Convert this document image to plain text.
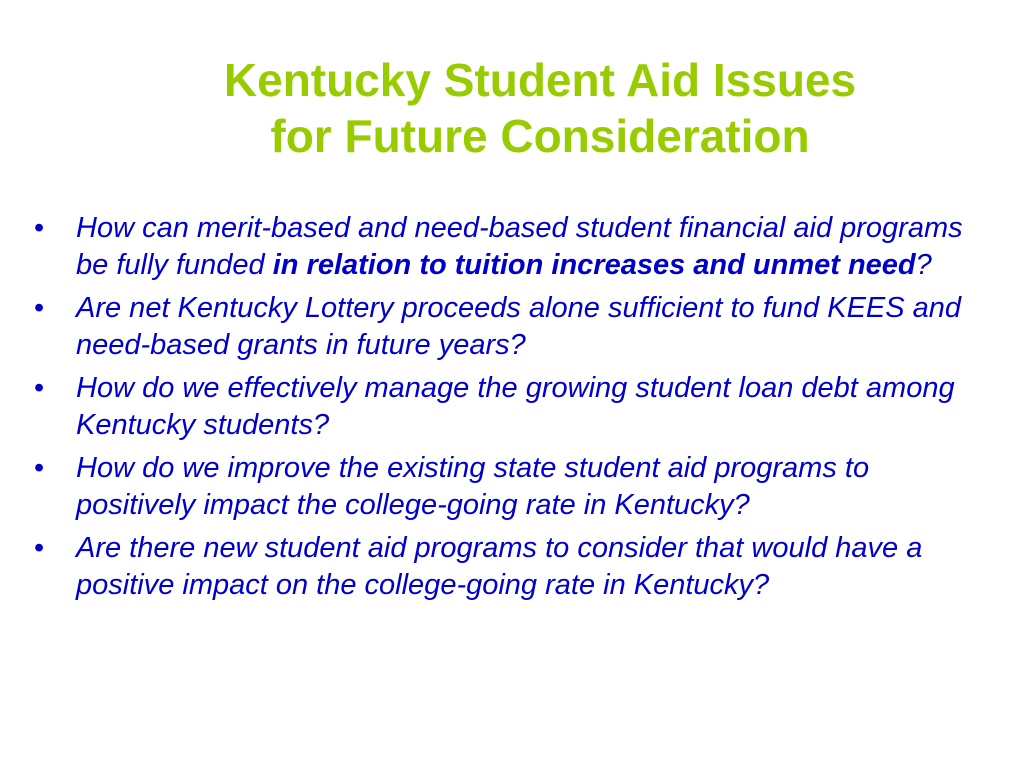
Kentucky Student Aid Issues
for Future Consideration
• How can merit-based and need-based student financial aid programs be fully funded in relation to tuition increases and unmet need?
• Are net Kentucky Lottery proceeds alone sufficient to fund KEES and need-based grants in future years?
• How do we effectively manage the growing student loan debt among Kentucky students?
• How do we improve the existing state student aid programs to positively impact the college-going rate in Kentucky?
• Are there new student aid programs to consider that would have a positive impact on the college-going rate in Kentucky?
